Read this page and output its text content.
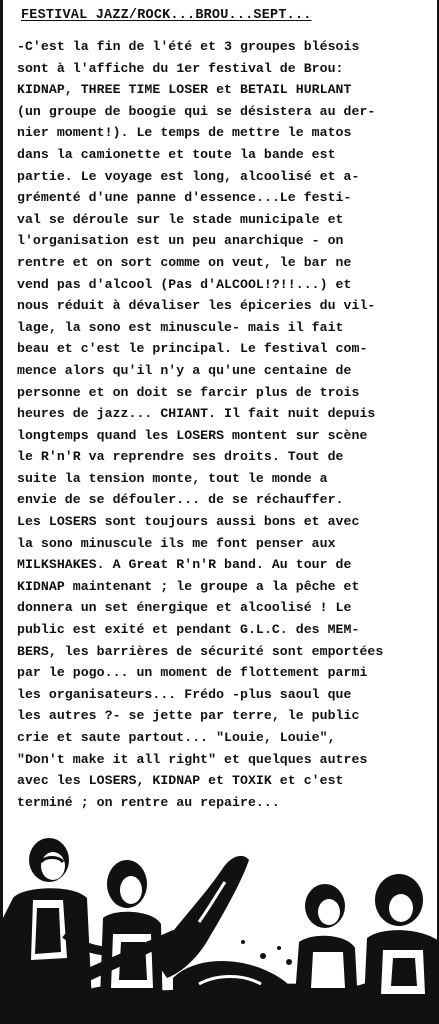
FESTIVAL JAZZ/ROCK...BROU...SEPT...
-C'est la fin de l'été et 3 groupes blésois
sont à l'affiche du 1er festival de Brou:
KIDNAP, THREE TIME LOSER et BETAIL HURLANT
(un groupe de boogie qui se désistera au der-
nier moment!). Le temps de mettre le matos
dans la camionette et toute la bande est
partie. Le voyage est long, alcoolisé et a-
grémenté d'une panne d'essence...Le festi-
val se déroule sur le stade municipale et
l'organisation est un peu anarchique - on
rentre et on sort comme on veut, le bar ne
vend pas d'alcool (Pas d'ALCOOL!?!!...) et
nous réduit à dévaliser les épiceries du vil-
lage, la sono est minuscule- mais il fait
beau et c'est le principal. Le festival com-
mence alors qu'il n'y a qu'une centaine de
personne et on doit se farcir plus de trois
heures de jazz... CHIANT. Il fait nuit depuis
longtemps quand les LOSERS montent sur scène
le R'n'R va reprendre ses droits. Tout de
suite la tension monte, tout le monde a
envie de se défouler... de se réchauffer.
Les LOSERS sont toujours aussi bons et avec
la sono minuscule ils me font penser aux
MILKSHAKES. A Great R'n'R band. Au tour de
KIDNAP maintenant ; le groupe a la pêche et
donnera un set énergique et alcoolisé ! Le
public est exité et pendant G.L.C. des MEM-
BERS, les barrières de sécurité sont emportées
par le pogo... un moment de flottement parmi
les organisateurs... Frédo -plus saoul que
les autres ?- se jette par terre, le public
crie et saute partout... "Louie, Louie",
"Don't make it all right" et quelques autres
avec les LOSERS, KIDNAP et TOXIK et c'est
terminé ; on rentre au repaire...
